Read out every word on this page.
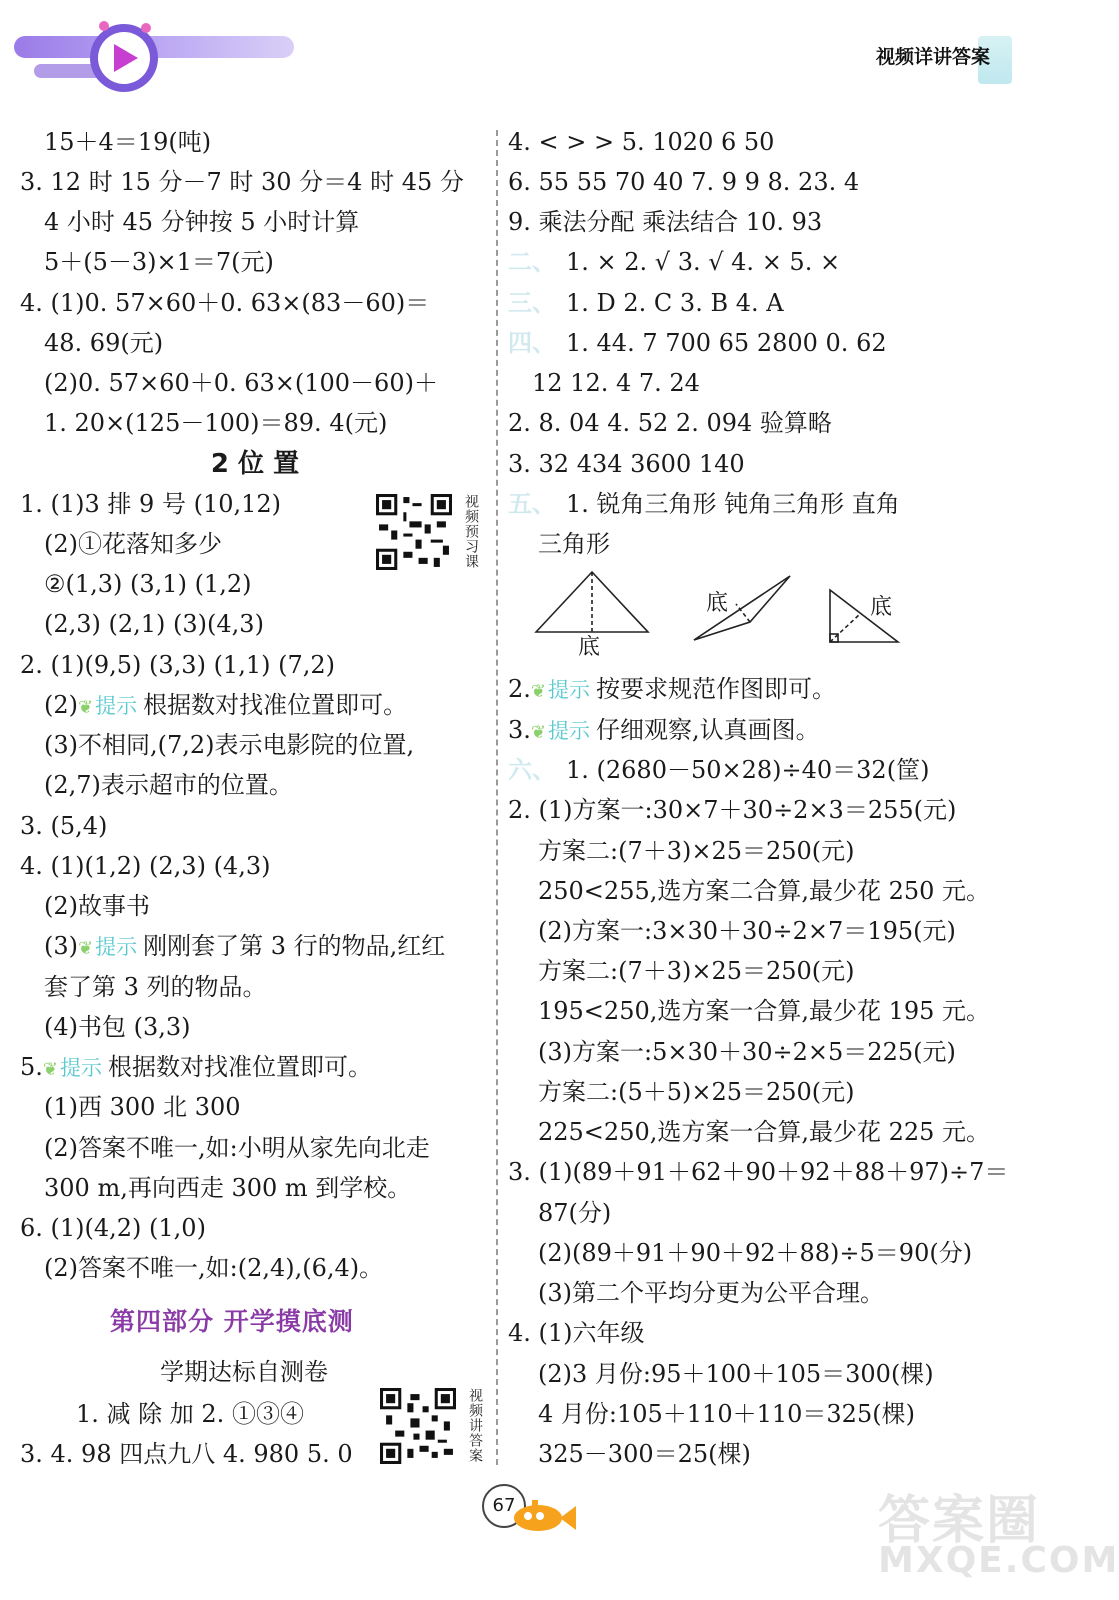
视频详讲答案
15＋4＝19(吨)
3. 12 时 15 分－7 时 30 分＝4 时 45 分
4 小时 45 分钟按 5 小时计算
5＋(5－3)×1＝7(元)
4. (1)0. 57×60＋0. 63×(83－60)＝
48. 69(元)
(2)0. 57×60＋0. 63×(100－60)＋
1. 20×(125－100)＝89. 4(元)
2 位 置
1. (1)3 排 9 号 (10,12)
(2)①花落知多少
②(1,3) (3,1) (1,2)
(2,3) (2,1) (3)(4,3)
2. (1)(9,5) (3,3) (1,1) (7,2)
(2)❦提示 根据数对找准位置即可。
(3)不相同,(7,2)表示电影院的位置,
(2,7)表示超市的位置。
3. (5,4)
4. (1)(1,2) (2,3) (4,3)
(2)故事书
(3)❦提示 刚刚套了第 3 行的物品,红红
套了第 3 列的物品。
(4)书包 (3,3)
5.❦提示 根据数对找准位置即可。
(1)西 300 北 300
(2)答案不唯一,如:小明从家先向北走
300 m,再向西走 300 m 到学校。
6. (1)(4,2) (1,0)
(2)答案不唯一,如:(2,4),(6,4)。
第四部分 开学摸底测
学期达标自测卷
1. 减 除 加 2. ①③④
3. 4. 98 四点九八 4. 980 5. 0
视频预习课
视频讲答案
4. < > > 5. 1020 6 50
6. 55 55 70 40 7. 9 9 8. 23. 4
9. 乘法分配 乘法结合 10. 93
二、 1. × 2. √ 3. √ 4. × 5. ×
三、 1. D 2. C 3. B 4. A
四、 1. 44. 7 700 65 2800 0. 62
12 12. 4 7. 24
2. 8. 04 4. 52 2. 094 验算略
3. 32 434 3600 140
五、 1. 锐角三角形 钝角三角形 直角
三角形
底
底	底
2.❦提示 按要求规范作图即可。
3.❦提示 仔细观察,认真画图。
六、 1. (2680－50×28)÷40＝32(筐)
2. (1)方案一:30×7＋30÷2×3＝255(元)
方案二:(7＋3)×25＝250(元)
250<255,选方案二合算,最少花 250 元。
(2)方案一:3×30＋30÷2×7＝195(元)
方案二:(7＋3)×25＝250(元)
195<250,选方案一合算,最少花 195 元。
(3)方案一:5×30＋30÷2×5＝225(元)
方案二:(5＋5)×25＝250(元)
225<250,选方案一合算,最少花 225 元。
3. (1)(89＋91＋62＋90＋92＋88＋97)÷7＝
87(分)
(2)(89＋91＋90＋92＋88)÷5＝90(分)
(3)第二个平均分更为公平合理。
4. (1)六年级
(2)3 月份:95＋100＋105＝300(棵)
4 月份:105＋110＋110＝325(棵)
325－300＝25(棵)
67	答案圈
MXQE.COM
